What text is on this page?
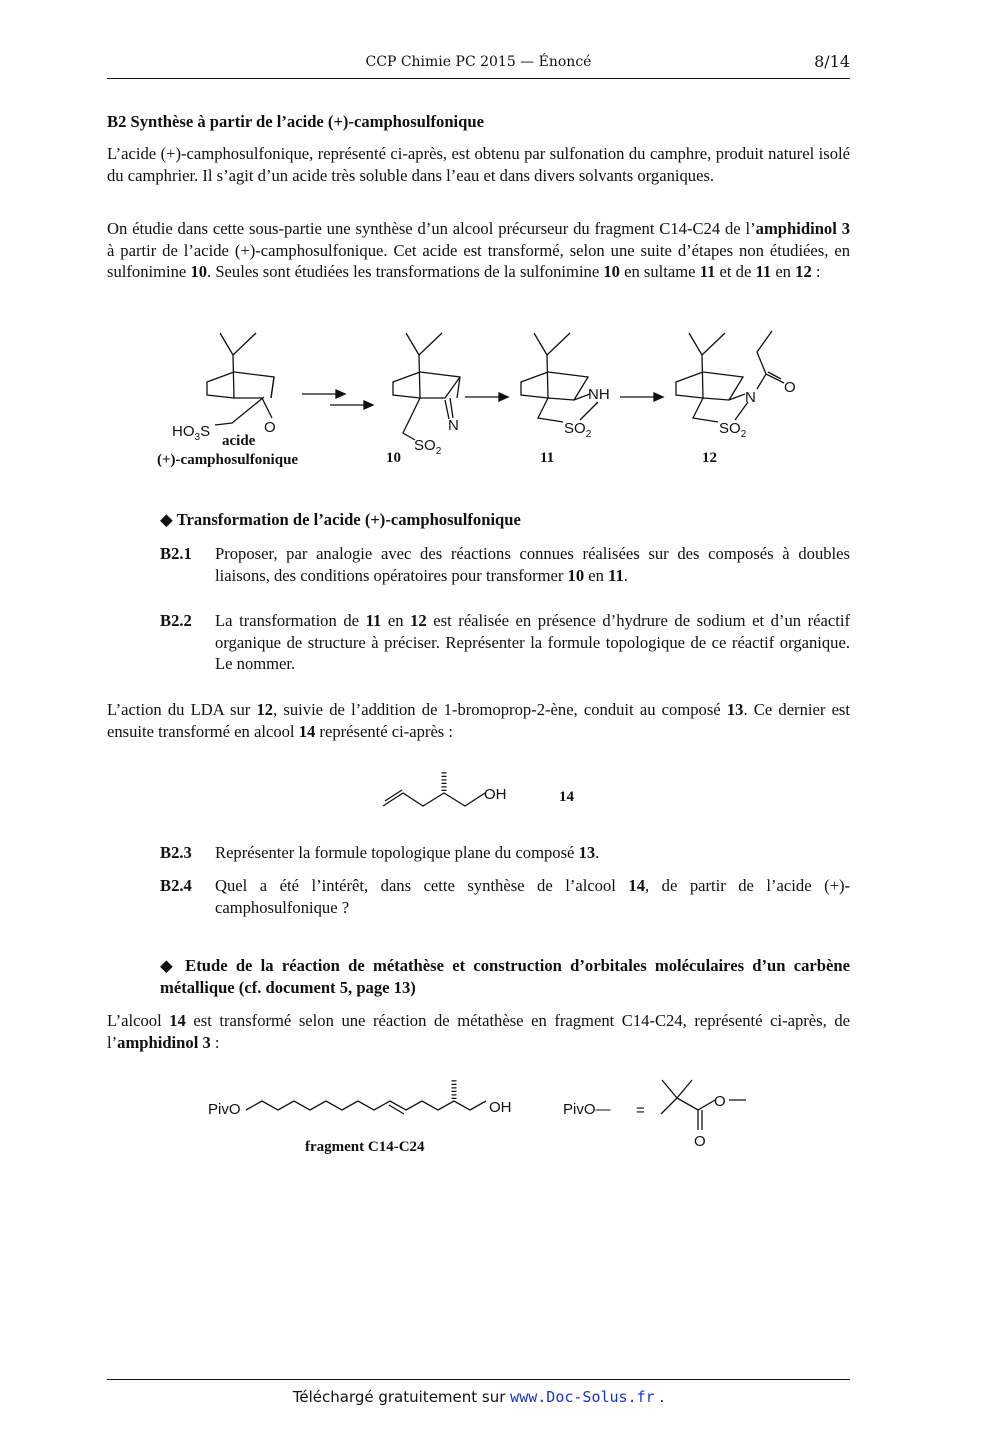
CCP Chimie PC 2015 — Énoncé	8/14
B2 Synthèse à partir de l’acide (+)-camphosulfonique

L’acide (+)-camphosulfonique, représenté ci-après, est obtenu par sulfonation du camphre, produit naturel isolé du camphrier. Il s’agit d’un acide très soluble dans l’eau et dans divers solvants organiques.

On étudie dans cette sous-partie une synthèse d’un alcool précurseur du fragment C14-C24 de l’amphidinol 3 à partir de l’acide (+)-camphosulfonique. Cet acide est transformé, selon une suite d’étapes non étudiées, en sulfonimine 10. Seules sont étudiées les transformations de la sulfonimine 10 en sultame 11 et de 11 en 12 :

$HO_3S$	O	N
$SO_2$
NH
$SO_2$
N
O
$SO_2$
acide
(+)-camphosulfonique	10	11	12
OH	14
PivO	OH
fragment C14-C24
PivO— =
O
O
◆ Transformation de l’acide (+)-camphosulfonique
B2.1 Proposer, par analogie avec des réactions connues réalisées sur des composés à doubles liaisons, des conditions opératoires pour transformer 10 en 11.
B2.2 La transformation de 11 en 12 est réalisée en présence d’hydrure de sodium et d’un réactif organique de structure à préciser. Représenter la formule topologique de ce réactif organique. Le nommer.

L’action du LDA sur 12, suivie de l’addition de 1-bromoprop-2-ène, conduit au composé 13. Ce dernier est ensuite transformé en alcool 14 représenté ci-après :

B2.3 Représenter la formule topologique plane du composé 13.
B2.4 Quel a été l’intérêt, dans cette synthèse de l’alcool 14, de partir de l’acide (+)-camphosulfonique ?
◆ Etude de la réaction de métathèse et construction d’orbitales moléculaires d’un carbène métallique (cf. document 5, page 13)

L’alcool 14 est transformé selon une réaction de métathèse en fragment C14-C24, représenté ci-après, de l’amphidinol 3 :

Téléchargé gratuitement sur www.Doc-Solus.fr .
